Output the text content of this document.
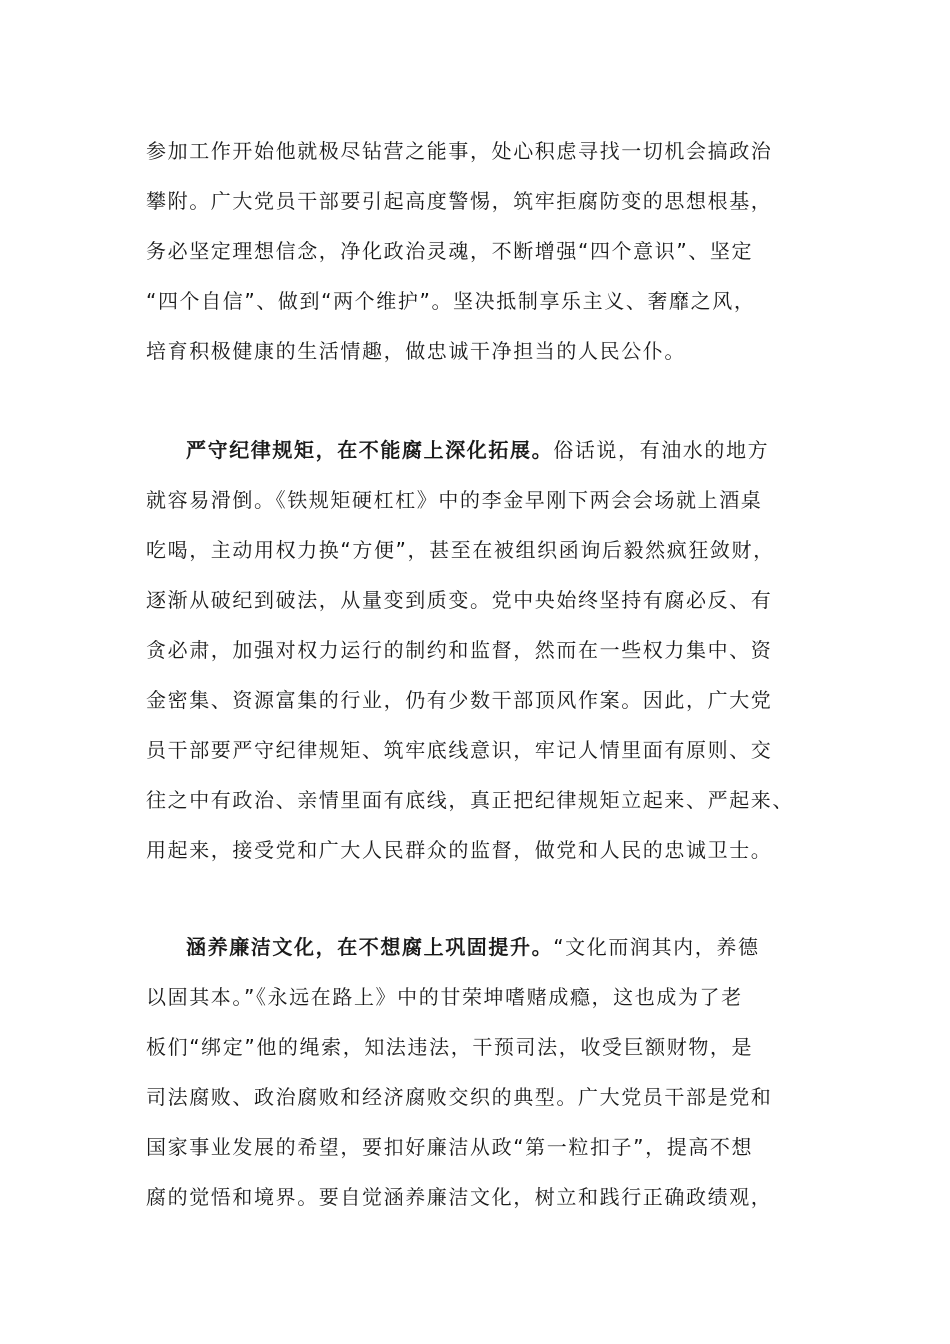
参加工作开始他就极尽钻营之能事，处心积虑寻找一切机会搞政治
攀附。广大党员干部要引起高度警惕，筑牢拒腐防变的思想根基，
务必坚定理想信念，净化政治灵魂，不断增强“四个意识”、坚定
“四个自信”、做到“两个维护”。坚决抵制享乐主义、奢靡之风，
培育积极健康的生活情趣，做忠诚干净担当的人民公仆。
严守纪律规矩，在不能腐上深化拓展。俗话说，有油水的地方
就容易滑倒。《铁规矩硬杠杠》中的李金早刚下两会会场就上酒桌
吃喝，主动用权力换“方便”，甚至在被组织函询后毅然疯狂敛财，
逐渐从破纪到破法，从量变到质变。党中央始终坚持有腐必反、有
贪必肃，加强对权力运行的制约和监督，然而在一些权力集中、资
金密集、资源富集的行业，仍有少数干部顶风作案。因此，广大党
员干部要严守纪律规矩、筑牢底线意识，牢记人情里面有原则、交
往之中有政治、亲情里面有底线，真正把纪律规矩立起来、严起来、
用起来，接受党和广大人民群众的监督，做党和人民的忠诚卫士。
涵养廉洁文化，在不想腐上巩固提升。“文化而润其内，养德
以固其本。”《永远在路上》中的甘荣坤嗜赌成瘾，这也成为了老
板们“绑定”他的绳索，知法违法，干预司法，收受巨额财物，是
司法腐败、政治腐败和经济腐败交织的典型。广大党员干部是党和
国家事业发展的希望，要扣好廉洁从政“第一粒扣子”，提高不想
腐的觉悟和境界。要自觉涵养廉洁文化，树立和践行正确政绩观，
